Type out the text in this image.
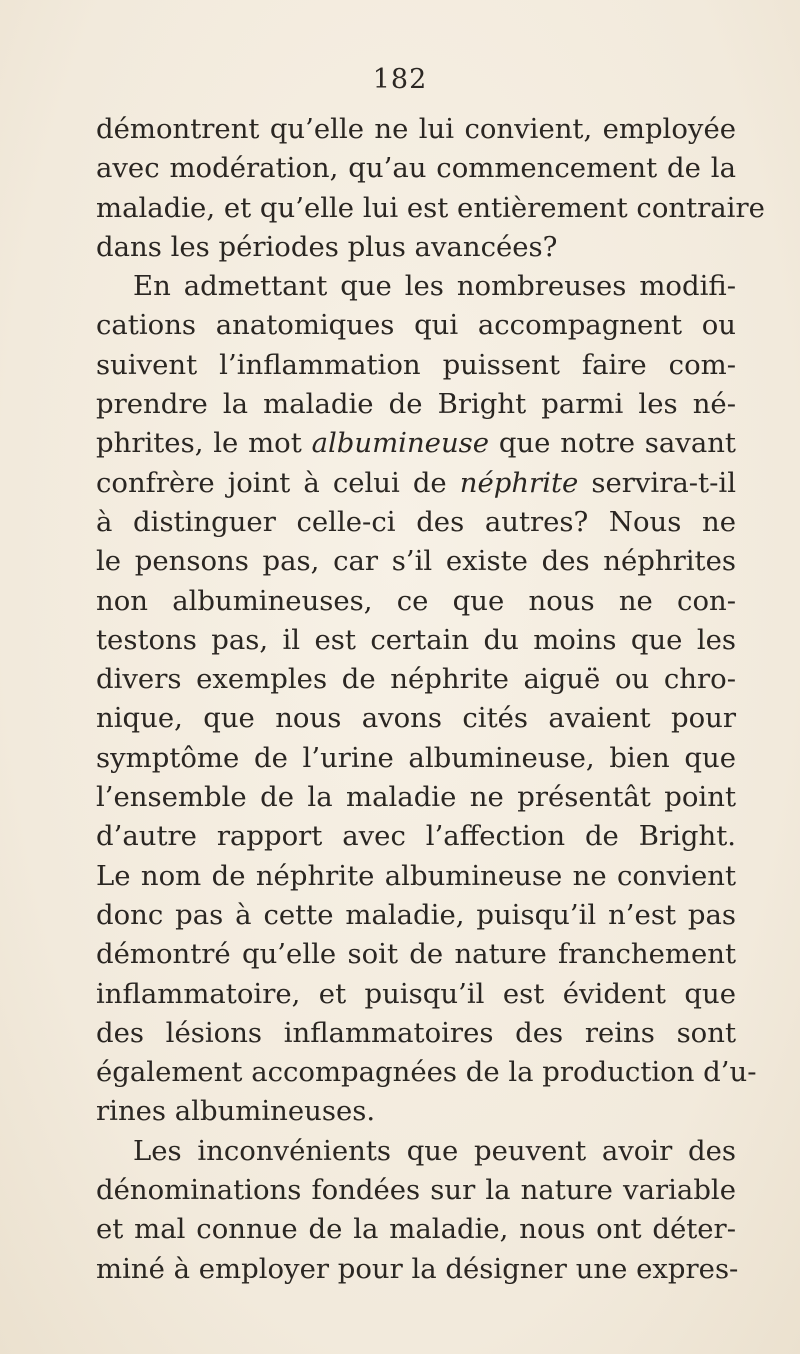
182
démontrent qu’elle ne lui convient, employée
avec modération, qu’au commencement de la
maladie, et qu’elle lui est entièrement contraire
dans les périodes plus avancées?
En admettant que les nombreuses modifi-
cations anatomiques qui accompagnent ou
suivent l’inflammation puissent faire com-
prendre la maladie de Bright parmi les né-
phrites, le mot albumineuse que notre savant
confrère joint à celui de néphrite servira-t-il
à distinguer celle-ci des autres? Nous ne
le pensons pas, car s’il existe des néphrites
non albumineuses, ce que nous ne con-
testons pas, il est certain du moins que les
divers exemples de néphrite aiguë ou chro-
nique, que nous avons cités avaient pour
symptôme de l’urine albumineuse, bien que
l’ensemble de la maladie ne présentât point
d’autre rapport avec l’affection de Bright.
Le nom de néphrite albumineuse ne convient
donc pas à cette maladie, puisqu’il n’est pas
démontré qu’elle soit de nature franchement
inflammatoire, et puisqu’il est évident que
des lésions inflammatoires des reins sont
également accompagnées de la production d’u-
rines albumineuses.
Les inconvénients que peuvent avoir des
dénominations fondées sur la nature variable
et mal connue de la maladie, nous ont déter-
miné à employer pour la désigner une expres-
